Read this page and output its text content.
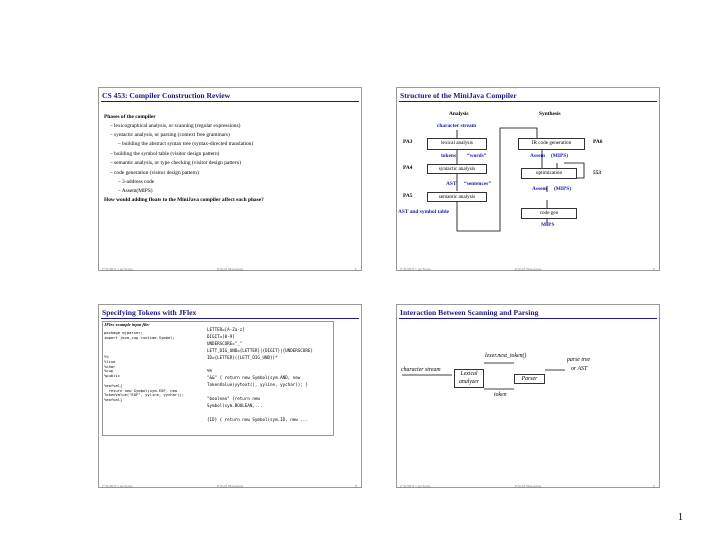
CS 453: Compiler Construction Review
Phases of the compiler
– lexicographical analysis, or scanning (regular expressions)
– syntactic analysis, or parsing (context free grammars)
– building the abstract syntax tree (syntax-directed translation)
– building the symbol table (visitor design pattern)
– semantic analysis, or type checking (visitor design pattern)
– code generation (visitor design pattern)
– 3-address code
– Assem(MIPS)
How would adding floats to the MiniJava compiler affect each phase?
CS453 Lecture	Final Review	1
Structure of the MiniJava Compiler
Analysis	Synthesis
character stream
PA3	lexical analysis
tokens “words”
PA4	syntactic analysis
AST “sentences”
PA5	semantic analysis
AST and symbol table
IR code generation	PA6
Assem (MIPS)
optimization	553
Assem (MIPS)
code gen
MIPS
CS453 Lecture	Final Review	2
Specifying Tokens with JFlex
JFlex example input file:
package mjparser;
import java_cup.runtime.Symbol;

%%
%line
%char
%cup
%public

%eofval{
return new Symbol(sym.EOF, new
TokenValue("EOF", yyline, yychar));
%eofval}
LETTER=[A-Za-z]
DIGIT=[0-9]
UNDERSCORE="_"
LETT_DIG_UND={LETTER}|{DIGIT}|{UNDERSCORE}
ID={LETTER}({LETT_DIG_UND})*

%%
"&&" { return new Symbol(sym.AND, new
TokenValue(yytext(), yyline, yychar)); }

"boolean" {return new
Symbol(sym.BOOLEAN,...

{ID} { return new Symbol(sym.ID, new ...
CS453 Lecture	Final Review	3
Interaction Between Scanning and Parsing
lexer.next_token()
parse tree
or AST
character stream
Lexical
analyzer	Parser
token
CS453 Lecture	Final Review	4
1
